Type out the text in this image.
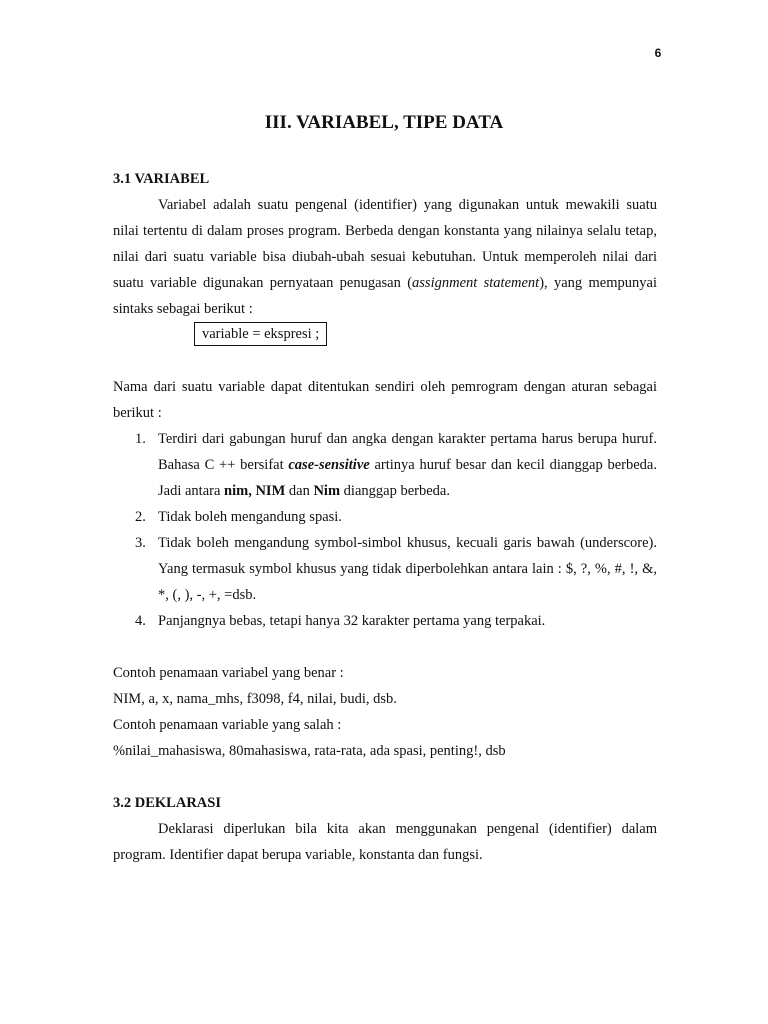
6
III. VARIABEL, TIPE DATA

3.1 VARIABEL

Variabel adalah suatu pengenal (identifier) yang digunakan untuk mewakili suatu nilai tertentu di dalam proses program. Berbeda dengan konstanta yang nilainya selalu tetap, nilai dari suatu variable bisa diubah-ubah sesuai kebutuhan. Untuk memperoleh nilai dari suatu variable digunakan pernyataan penugasan (assignment statement), yang mempunyai sintaks sebagai berikut :

variable = ekspresi ;

Nama dari suatu variable dapat ditentukan sendiri oleh pemrogram dengan aturan sebagai berikut :

1. Terdiri dari gabungan huruf dan angka dengan karakter pertama harus berupa huruf. Bahasa C ++ bersifat case-sensitive artinya huruf besar dan kecil dianggap berbeda. Jadi antara nim, NIM dan Nim dianggap berbeda.
2. Tidak boleh mengandung spasi.
3. Tidak boleh mengandung symbol-simbol khusus, kecuali garis bawah (underscore). Yang termasuk symbol khusus yang tidak diperbolehkan antara lain : $, ?, %, #, !, &, *, (, ), -, +, =dsb.
4. Panjangnya bebas, tetapi hanya 32 karakter pertama yang terpakai.

Contoh penamaan variabel yang benar :

NIM, a, x, nama_mhs, f3098, f4, nilai, budi, dsb.

Contoh penamaan variable yang salah :

%nilai_mahasiswa, 80mahasiswa, rata-rata, ada spasi, penting!, dsb

3.2 DEKLARASI

Deklarasi diperlukan bila kita akan menggunakan pengenal (identifier) dalam program. Identifier dapat berupa variable, konstanta dan fungsi.
